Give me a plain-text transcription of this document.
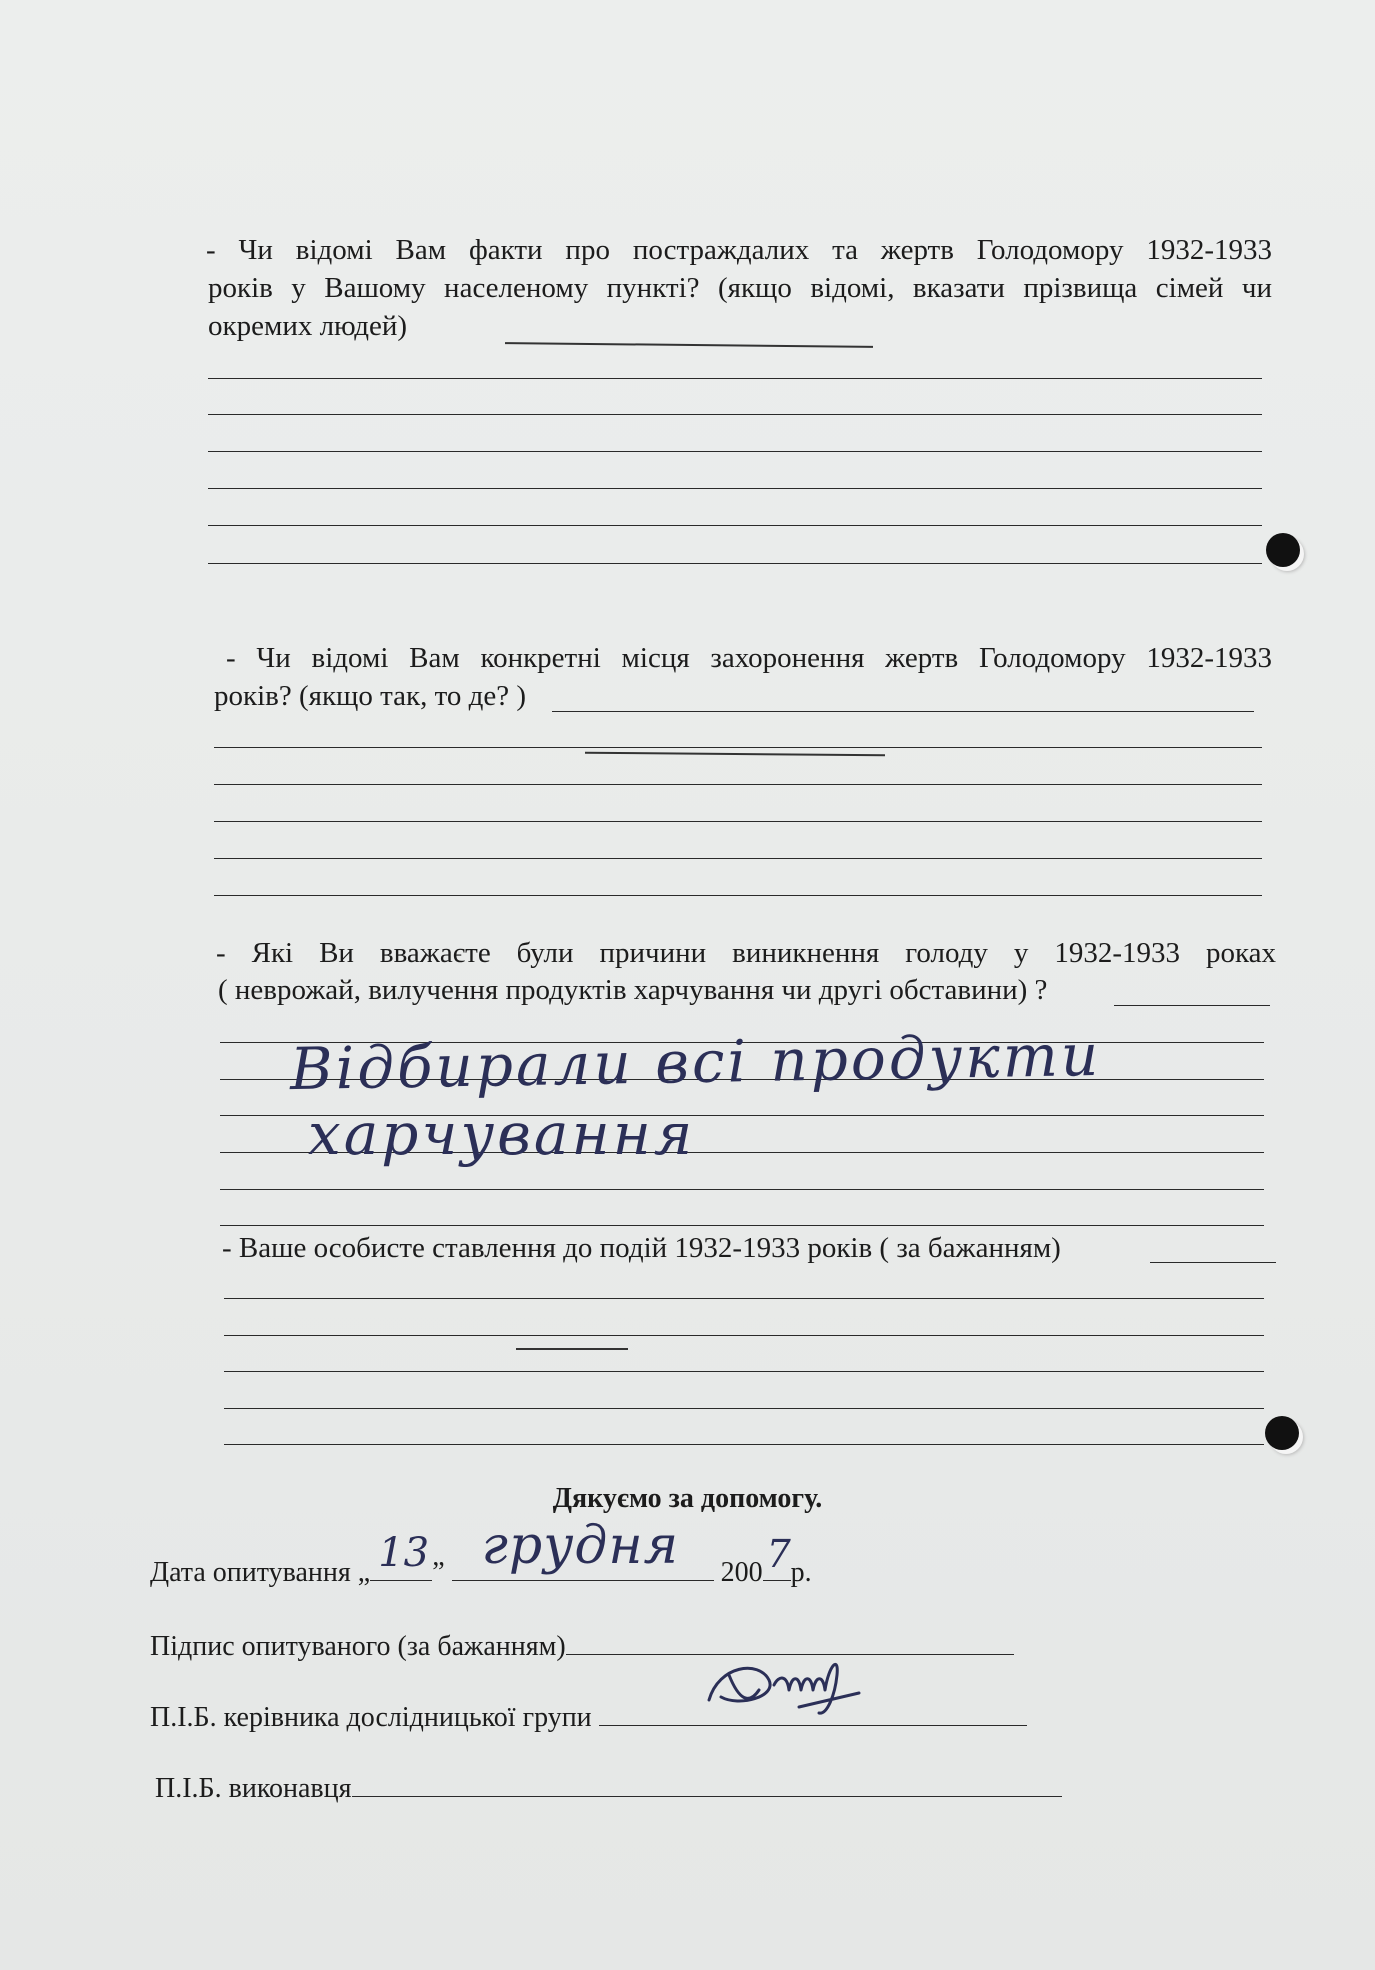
- Чи відомі Вам факти про постраждалих та жертв Голодомору 1932-1933

років у Вашому населеному пункті? (якщо відомі, вказати прізвища сімей чи

окремих людей)

- Чи відомі Вам конкретні місця захоронення жертв Голодомору 1932-1933

років? (якщо так, то де? )

- Які Ви вважаєте були причини виникнення голоду у 1932-1933 роках

( неврожай, вилучення продуктів харчування чи другі обставини) ?

Відбирали всі продукти
харчування

- Ваше особисте ставлення до подій 1932-1933 років ( за бажанням)

Дякуємо за допомогу.
Дата опитування „ 13 ” грудня 200 7 р.
Підпис опитуваного (за бажанням)
П.І.Б. керівника дослідницької групи
П.І.Б. виконавця
